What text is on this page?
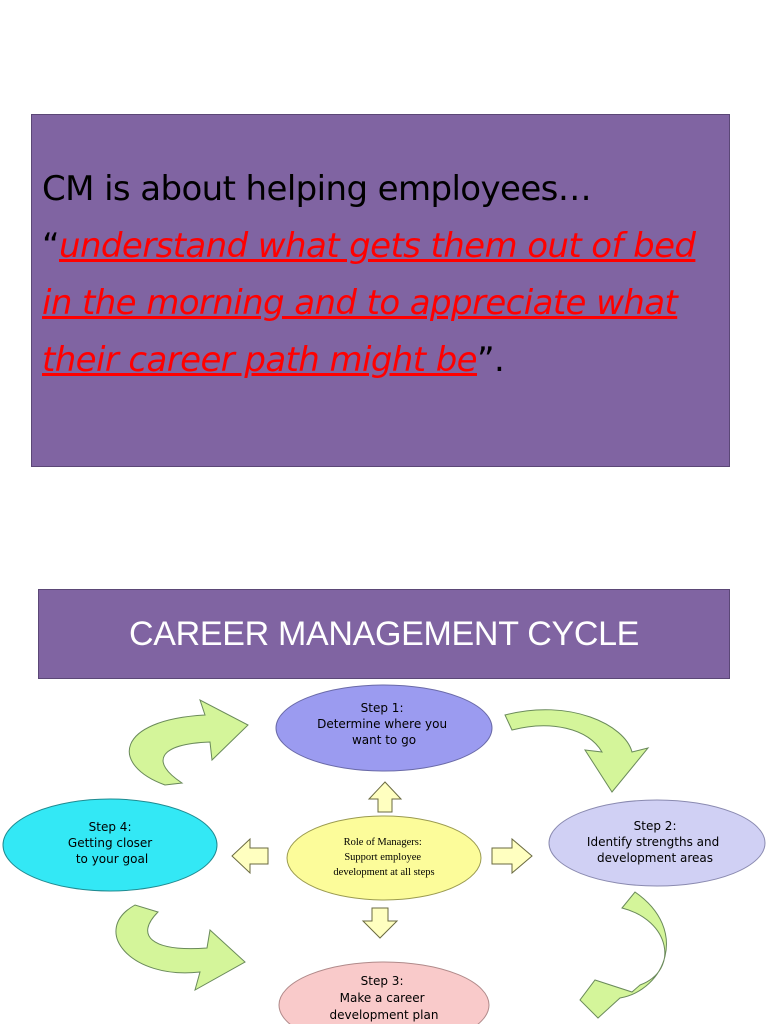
CM is about helping employees…
“understand what gets them out of bed in the morning and to appreciate what their career path might be”.
CAREER MANAGEMENT CYCLE
Step 1: Determine where you want to go
Step 2: Identify strengths and development areas
Step 4: Getting closer to your goal
Step 3: Make a career development plan
Role of Managers: Support employee development at all steps
